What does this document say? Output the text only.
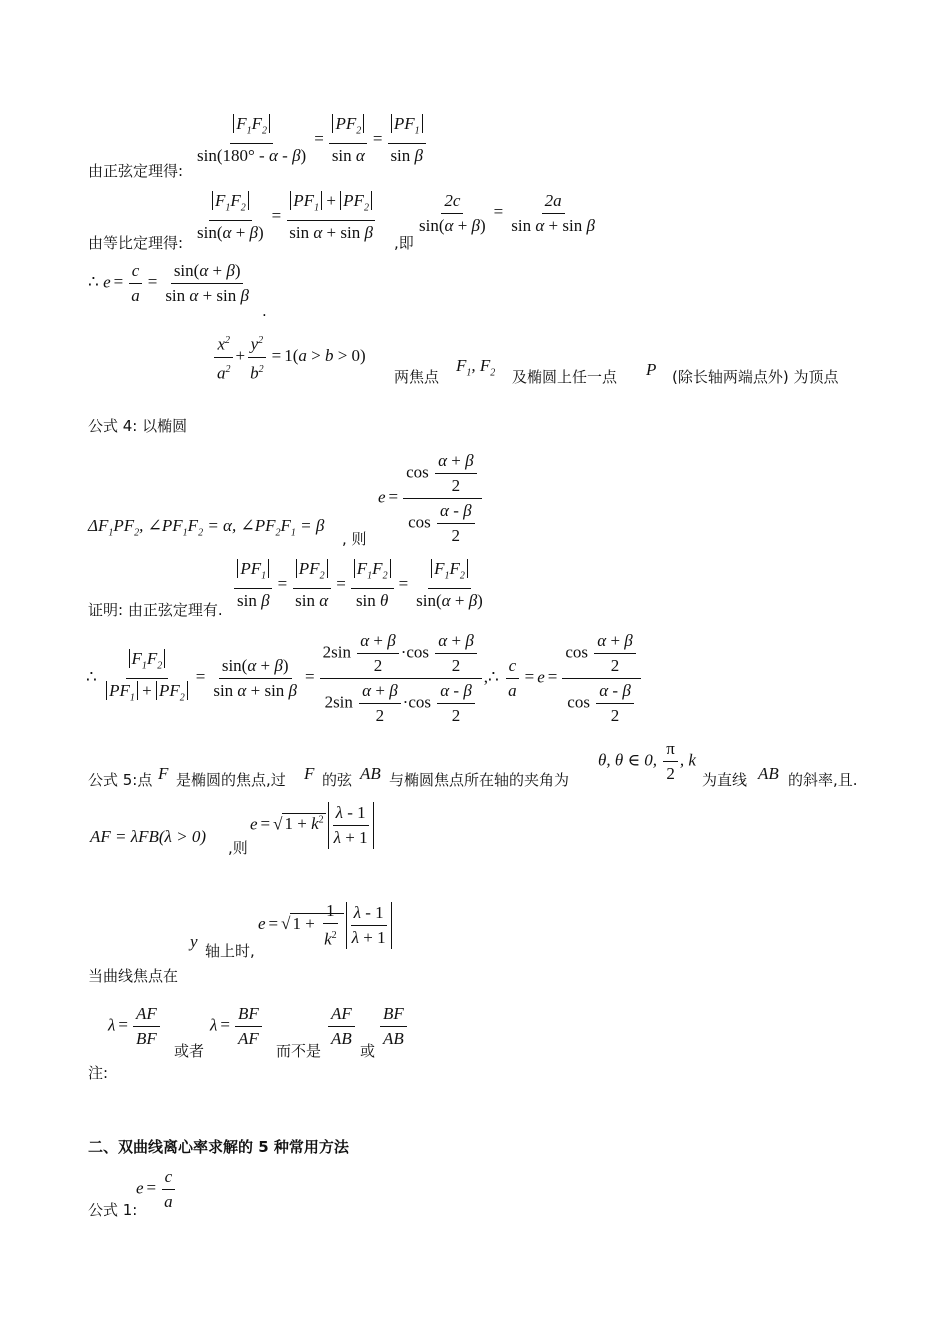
$\frac{F_1F_2}{\sin(180^\circ - \alpha - \beta)} = \frac{PF_2}{\text{sin α}} = \frac{PF_1}{\text{sin β}}$
由正弦定理得:
$\frac{F_1F_2}{\sin(\alpha + \beta)} = \frac{PF_1 + PF_2}{\text{sin α + sin β}}$ ,即
$\frac{2c}{\sin(\alpha + \beta)} = \frac{2a}{\text{sin α + sin β}}$
由等比定理得:
∴ $e = \frac{c}{a} = \frac{\sin(\alpha + \beta)}{\text{sin α + sin β}}$
.
$\frac{x^2}{a^2} + \frac{y^2}{b^2} = 1(a > b > 0)$
两焦点
$F_1$, $F_2$ 及椭圆上任一点 P (除长轴两端点外) 为顶点
公式 4: 以椭圆
$e = \frac{\cos \frac{\alpha + \beta}{2}}{\cos \frac{\alpha - \beta}{2}}$
$\Delta F_1PF_2$, $\angle PF_1F_2 = \alpha$, $\angle PF_2F_1 = \beta$
, 则
$\frac{PF_1}{\text{sin β}} = \frac{PF_2}{\text{sin α}} = \frac{F_1F_2}{\text{sin θ}} = \frac{F_1F_2}{\sin(\alpha + \beta)}$
证明: 由正弦定理有.
∴ $\frac{F_1F_2}{PF_1 + PF_2} = \frac{\sin(\alpha + \beta)}{\text{sin α + sin β}} = \frac{2\sin \frac{\alpha + \beta}{2} \cdot\cos \frac{\alpha + \beta}{2}}{2\sin \frac{\alpha + \beta}{2} \cdot\cos \frac{\alpha - \beta}{2}}$ ,∴ $\frac{c}{a} = e = \frac{\cos \frac{\alpha + \beta}{2}}{\cos \frac{\alpha - \beta}{2}}$
公式 5:点 F 是椭圆的焦点,过 F 的弦 AB 与椭圆焦点所在轴的夹角为
θ, θ ∈ 0, $\frac{\pi}{2}$ , k
为直线 AB 的斜率,且.
AF = λFB(λ > 0)
,则
e = √ $1 + k^2 \frac{\lambda - 1}{\lambda + 1}$
e = √ $1 + \frac{1}{k^2} \frac{\lambda - 1}{\lambda + 1}$
y 轴上时,
当曲线焦点在
$\lambda = \frac{AF}{BF}$
或者
$\lambda = \frac{BF}{AF}$
而不是
$\frac{AF}{AB}$
或
$\frac{BF}{AB}$
注:
二、双曲线离心率求解的 5 种常用方法
$e = \frac{c}{a}$
公式 1:
